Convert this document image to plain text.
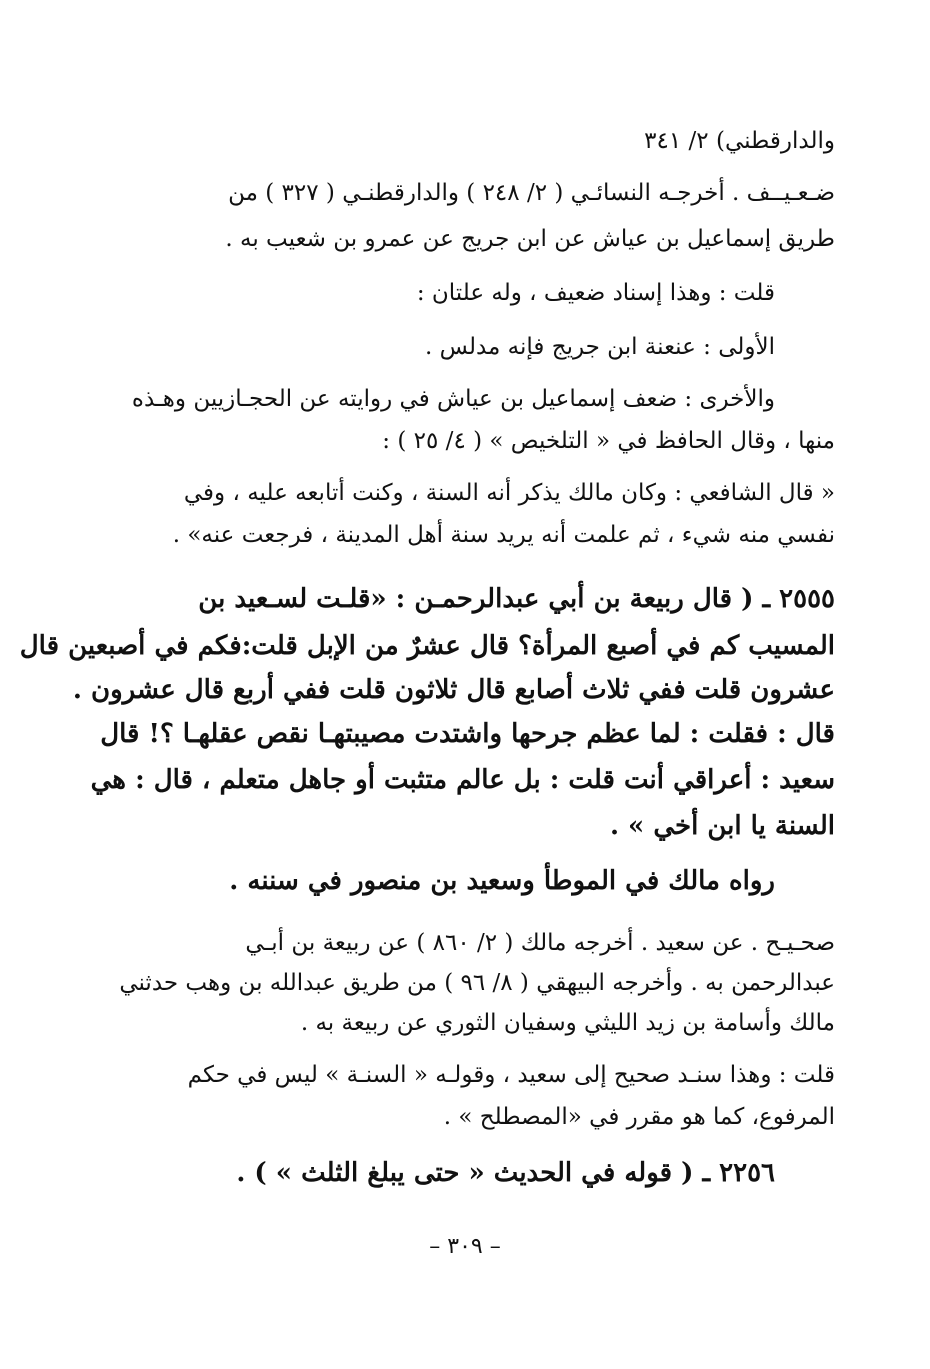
والدارقطني) ٢/ ٣٤١

ضـعـيــف . أخرجـه النسائـي ( ٢/ ٢٤٨ ) والدارقطنـي ( ٣٢٧ ) من

طريق إسماعيل بن عياش عن ابن جريج عن عمرو بن شعيب به .

قلت : وهذا إسناد ضعيف ، وله علتان :

الأولى : عنعنة ابن جريج فإنه مدلس .

والأخرى : ضعف إسماعيل بن عياش في روايته عن الحجـازيين وهـذه

منها ، وقال الحافظ في « التلخيص » ( ٤/ ٢٥ ) :

« قال الشافعي : وكان مالك يذكر أنه السنة ، وكنت أتابعه عليه ، وفي

نفسي منه شيء ، ثم علمت أنه يريد سنة أهل المدينة ، فرجعت عنه» .

٢٥٥٥ ـ ( قال ربيعة بن أبي عبدالرحمـن : «قلـت لسـعيد بن

المسيب كم في أصبع المرأة؟ قال عشرٌ من الإبل قلت:فكم في أصبعين قال

عشرون قلت ففي ثلاث أصابع قال ثلاثون قلت ففي أربع قال عشرون .

قال : فقلت : لما عظم جرحها واشتدت مصيبتهـا نقص عقلهـا ؟! قال

سعيد : أعراقي أنت قلت : بل عالم متثبت أو جاهل متعلم ، قال : هي

السنة يا ابن أخي » .

رواه مالك في الموطأ وسعيد بن منصور في سننه .

صحـيـح . عن سعيد . أخرجه مالك ( ٢/ ٨٦٠ ) عن ربيعة بن أبـي

عبدالرحمن به . وأخرجه البيهقي ( ٨/ ٩٦ ) من طريق عبدالله بن وهب حدثني

مالك وأسامة بن زيد الليثي وسفيان الثوري عن ربيعة به .

قلت : وهذا سنـد صحيح إلى سعيد ، وقولـه « السنـة » ليس في حكم

المرفوع، كما هو مقرر في «المصطلح » .

٢٢٥٦ ـ ( قوله في الحديث « حتى يبلغ الثلث » ) .

– ٣٠٩ –
